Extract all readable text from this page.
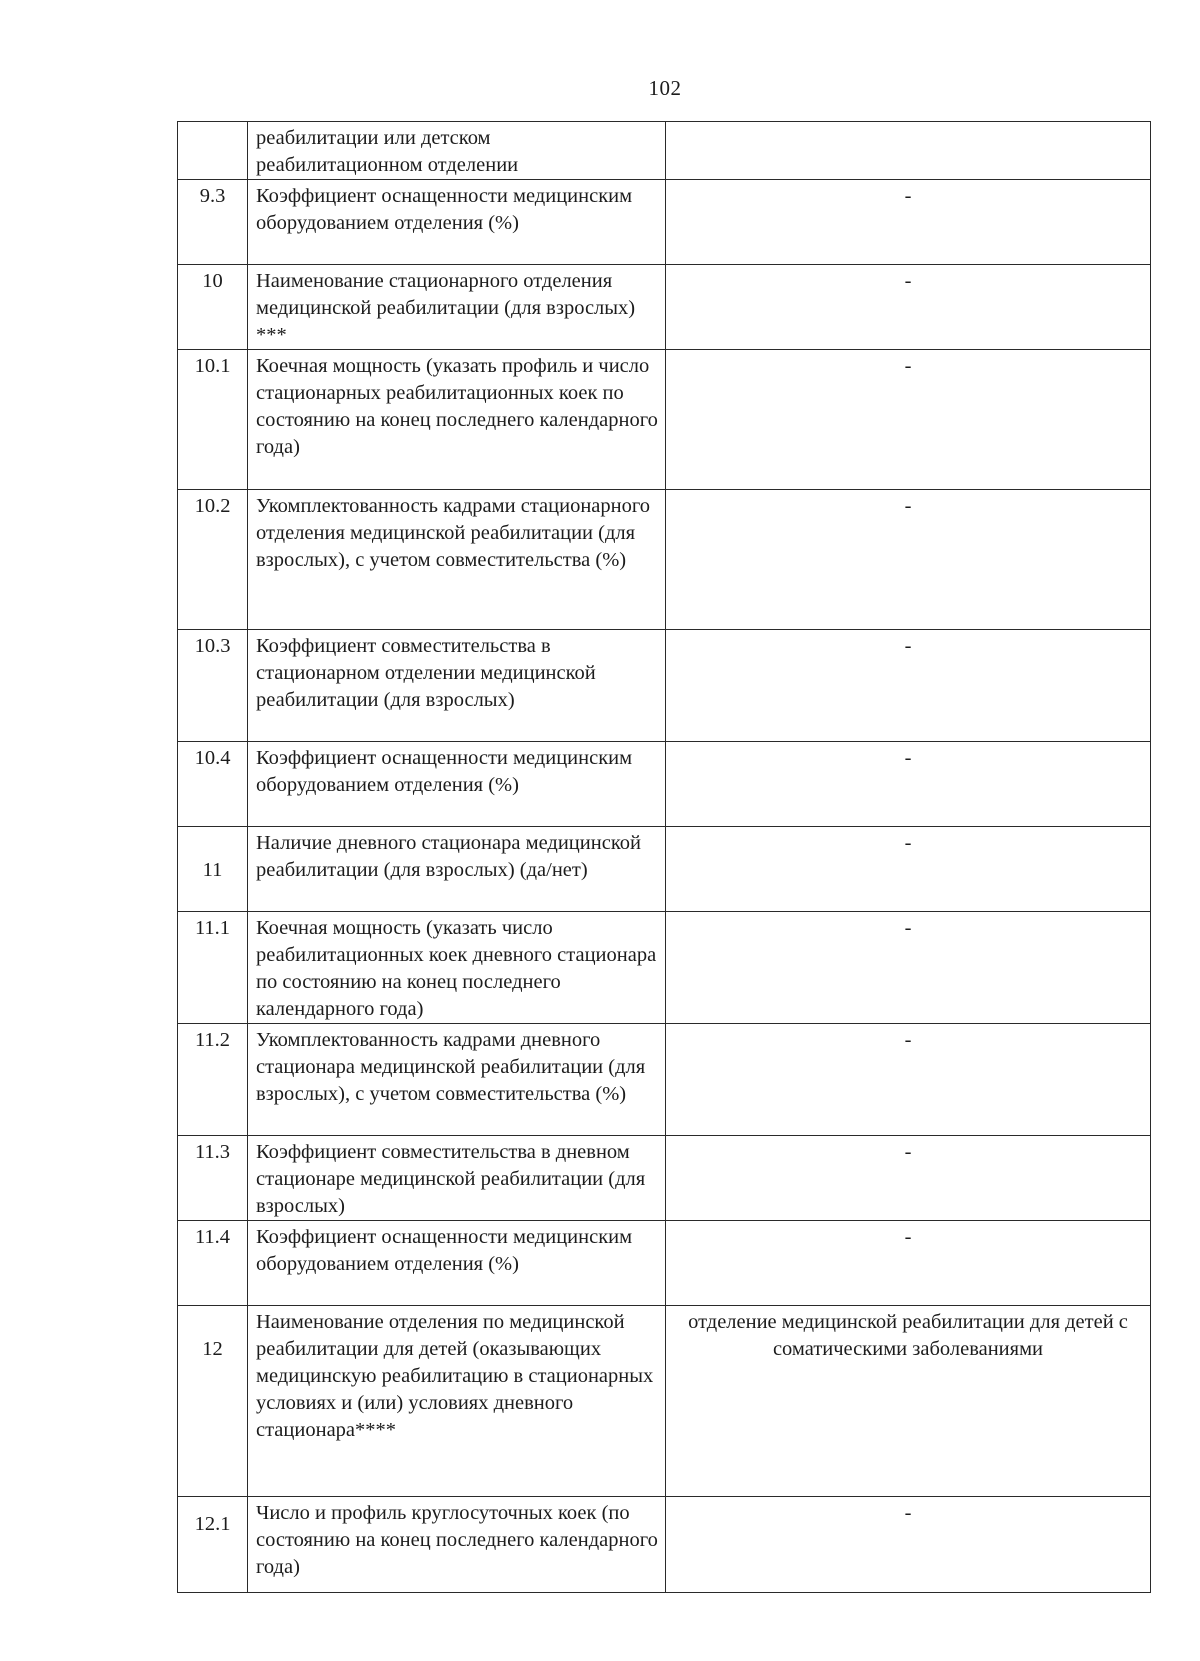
102
	реабилитации или детском реабилитационном отделении	
9.3	Коэффициент оснащенности медицинским оборудованием отделения (%)	-
10	Наименование стационарного отделения медицинской реабилитации (для взрослых) ***	-
10.1	Коечная мощность (указать профиль и число стационарных реабилитационных коек по состоянию на конец последнего календарного года)	-
10.2	Укомплектованность кадрами стационарного отделения медицинской реабилитации (для взрослых), с учетом совместительства (%)	-
10.3	Коэффициент совместительства в стационарном отделении медицинской реабилитации (для взрослых)	-
10.4	Коэффициент оснащенности медицинским оборудованием отделения (%)	-
11	Наличие дневного стационара медицинской реабилитации (для взрослых) (да/нет)	-
11.1	Коечная мощность (указать число реабилитационных коек дневного стационара по состоянию на конец последнего календарного года)	-
11.2	Укомплектованность кадрами дневного стационара медицинской реабилитации (для взрослых), с учетом совместительства (%)	-
11.3	Коэффициент совместительства в дневном стационаре медицинской реабилитации (для взрослых)	-
11.4	Коэффициент оснащенности медицинским оборудованием отделения (%)	-
12	Наименование отделения по медицинской реабилитации для детей (оказывающих медицинскую реабилитацию в стационарных условиях и (или) условиях дневного стационара****	отделение медицинской реабилитации для детей с соматическими заболеваниями
12.1	Число и профиль круглосуточных коек (по состоянию на конец последнего календарного года)	-
